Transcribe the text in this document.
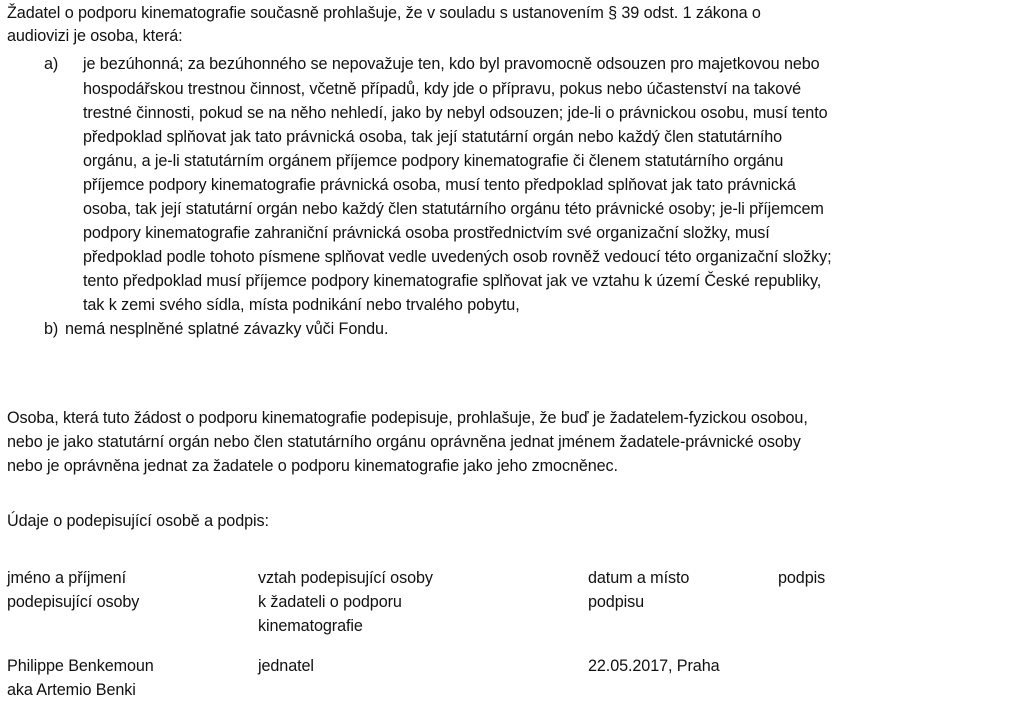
Žadatel o podporu kinematografie současně prohlašuje, že v souladu s ustanovením § 39 odst. 1 zákona o
audiovizi je osoba, která:
a) je bezúhonná; za bezúhonného se nepovažuje ten, kdo byl pravomocně odsouzen pro majetkovou nebo
hospodářskou trestnou činnost, včetně případů, kdy jde o přípravu, pokus nebo účastenství na takové
trestné činnosti, pokud se na něho nehledí, jako by nebyl odsouzen; jde-li o právnickou osobu, musí tento
předpoklad splňovat jak tato právnická osoba, tak její statutární orgán nebo každý člen statutárního
orgánu, a je-li statutárním orgánem příjemce podpory kinematografie či členem statutárního orgánu
příjemce podpory kinematografie právnická osoba, musí tento předpoklad splňovat jak tato právnická
osoba, tak její statutární orgán nebo každý člen statutárního orgánu této právnické osoby; je-li příjemcem
podpory kinematografie zahraniční právnická osoba prostřednictvím své organizační složky, musí
předpoklad podle tohoto písmene splňovat vedle uvedených osob rovněž vedoucí této organizační složky;
tento předpoklad musí příjemce podpory kinematografie splňovat jak ve vztahu k území České republiky,
tak k zemi svého sídla, místa podnikání nebo trvalého pobytu,
b) nemá nesplněné splatné závazky vůči Fondu.
Osoba, která tuto žádost o podporu kinematografie podepisuje, prohlašuje, že buď je žadatelem-fyzickou osobou,
nebo je jako statutární orgán nebo člen statutárního orgánu oprávněna jednat jménem žadatele-právnické osoby
nebo je oprávněna jednat za žadatele o podporu kinematografie jako jeho zmocněnec.
Údaje o podepisující osobě a podpis:
jméno a příjmení
podepisující osoby
vztah podepisující osoby
k žadateli o podporu
kinematografie
datum a místo
podpisu
podpis
Philippe Benkemoun
aka Artemio Benki
jednatel	22.05.2017, Praha
